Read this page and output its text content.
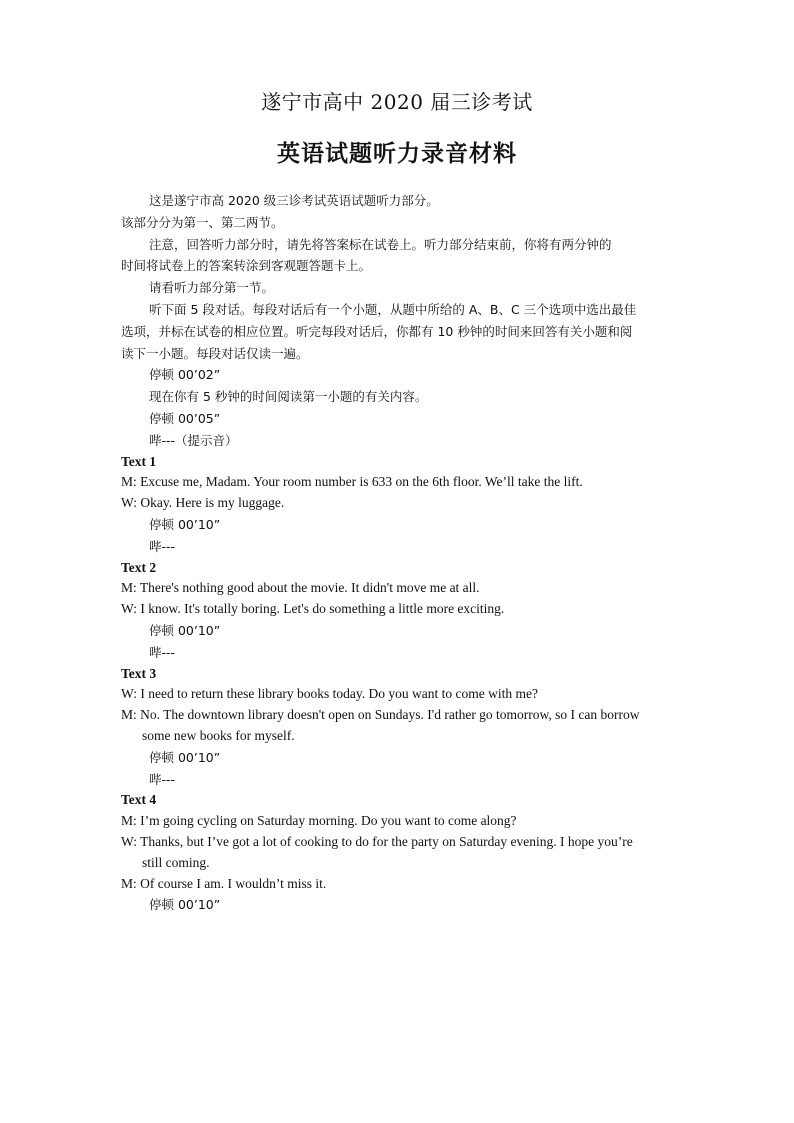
遂宁市高中 2020 届三诊考试
英语试题听力录音材料
这是遂宁市高 2020 级三诊考试英语试题听力部分。
该部分分为第一、第二两节。
注意，回答听力部分时，请先将答案标在试卷上。听力部分结束前，你将有两分钟的
时间将试卷上的答案转涂到客观题答题卡上。
请看听力部分第一节。
听下面 5 段对话。每段对话后有一个小题，从题中所给的 A、B、C 三个选项中选出最佳
选项，并标在试卷的相应位置。听完每段对话后，你都有 10 秒钟的时间来回答有关小题和阅
读下一小题。每段对话仅读一遍。
停顿 00’02”
现在你有 5 秒钟的时间阅读第一小题的有关内容。
停顿 00’05”
哔---（提示音）
Text 1
M: Excuse me, Madam. Your room number is 633 on the 6th floor. We’ll take the lift.
W: Okay. Here is my luggage.
停顿 00’10”
哔---
Text 2
M: There's nothing good about the movie. It didn't move me at all.
W: I know. It's totally boring. Let's do something a little more exciting.
停顿 00’10”
哔---
Text 3
W: I need to return these library books today. Do you want to come with me?
M: No. The downtown library doesn't open on Sundays. I'd rather go tomorrow, so I can borrow
some new books for myself.
停顿 00’10”
哔---
Text 4
M: I’m going cycling on Saturday morning. Do you want to come along?
W: Thanks, but I’ve got a lot of cooking to do for the party on Saturday evening. I hope you’re
still coming.
M: Of course I am. I wouldn’t miss it.
停顿 00’10”
